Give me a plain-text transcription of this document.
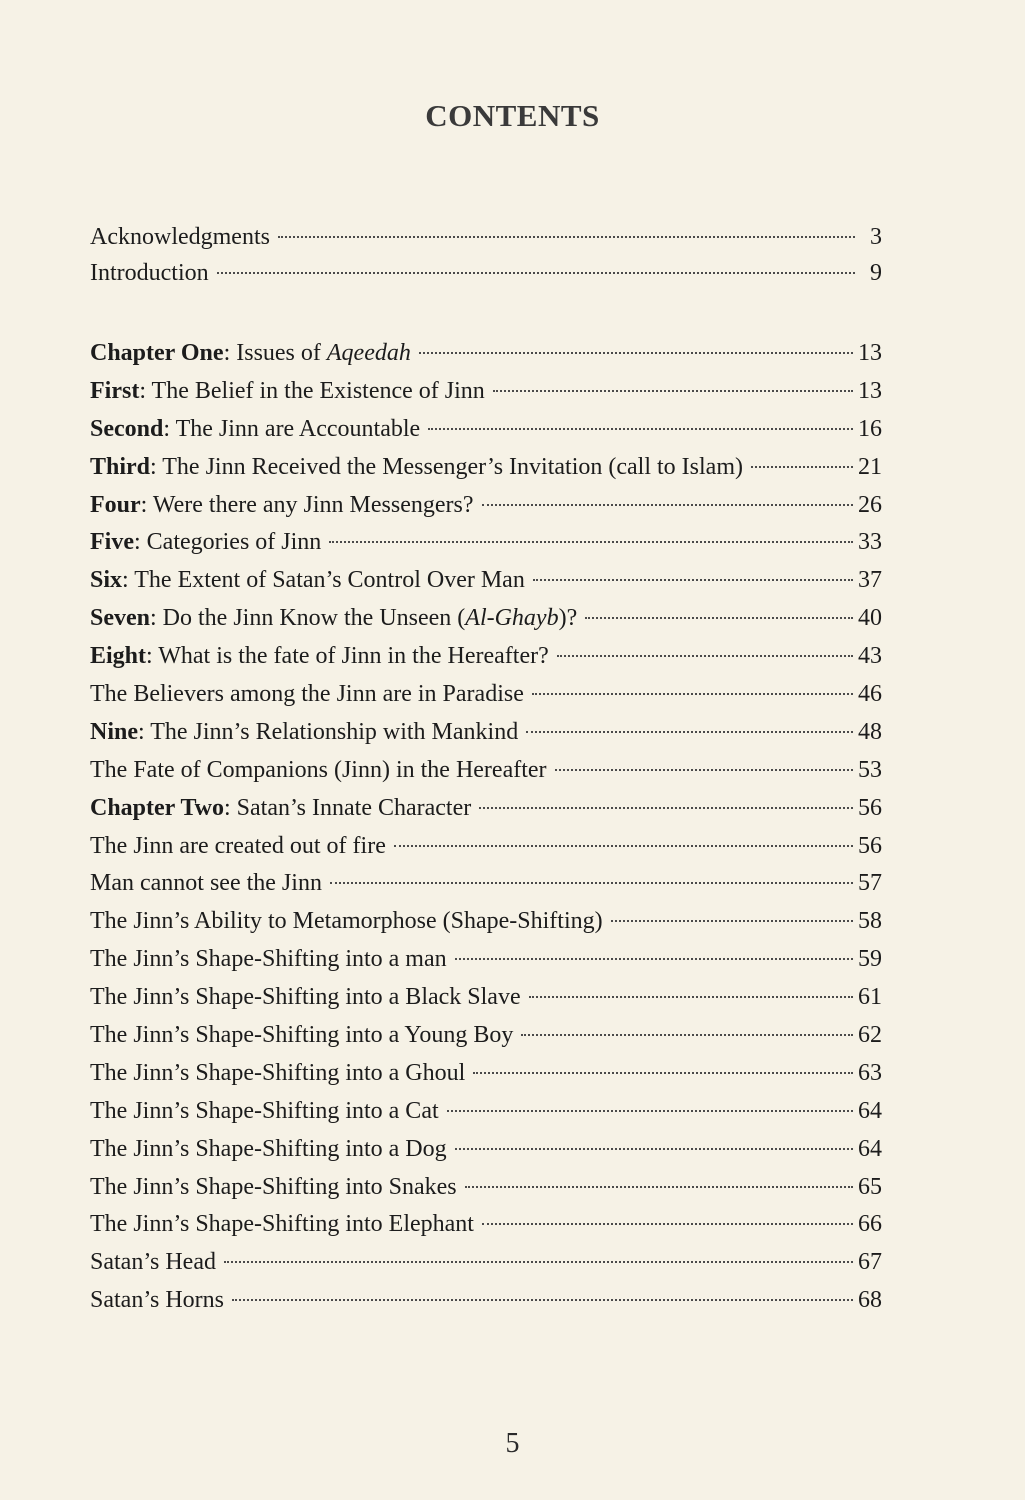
CONTENTS
Acknowledgments	3
Introduction	9
Chapter One: Issues of Aqeedah	13
First: The Belief in the Existence of Jinn	13
Second: The Jinn are Accountable	16
Third: The Jinn Received the Messenger’s Invitation (call to Islam)	21
Four: Were there any Jinn Messengers?	26
Five: Categories of Jinn	33
Six: The Extent of Satan’s Control Over Man	37
Seven: Do the Jinn Know the Unseen (Al-Ghayb)?	40
Eight: What is the fate of Jinn in the Hereafter?	43
The Believers among the Jinn are in Paradise	46
Nine: The Jinn’s Relationship with Mankind	48
The Fate of Companions (Jinn) in the Hereafter	53
Chapter Two: Satan’s Innate Character	56
The Jinn are created out of fire	56
Man cannot see the Jinn	57
The Jinn’s Ability to Metamorphose (Shape-Shifting)	58
The Jinn’s Shape-Shifting into a man	59
The Jinn’s Shape-Shifting into a Black Slave	61
The Jinn’s Shape-Shifting into a Young Boy	62
The Jinn’s Shape-Shifting into a Ghoul	63
The Jinn’s Shape-Shifting into a Cat	64
The Jinn’s Shape-Shifting into a Dog	64
The Jinn’s Shape-Shifting into Snakes	65
The Jinn’s Shape-Shifting into Elephant	66
Satan’s Head	67
Satan’s Horns	68
5
